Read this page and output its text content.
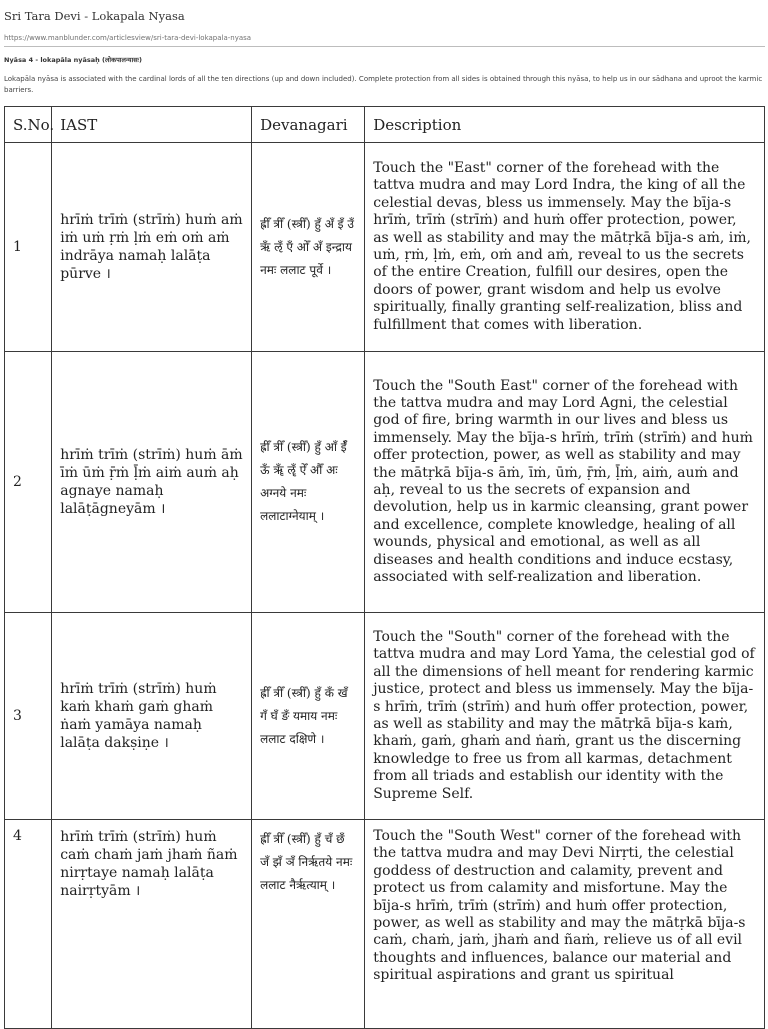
Sri Tara Devi - Lokapala Nyasa
https://www.manblunder.com/articlesview/sri-tara-devi-lokapala-nyasa
Nyāsa 4 - lokapāla nyāsaḥ (लोकपालन्यासः)
Lokapāla nyāsa is associated with the cardinal lords of all the ten directions (up and down included). Complete protection from all sides is obtained through this nyāsa, to help us in our sādhana and uproot the karmic barriers.
S.No.	IAST	Devanagari	Description
1	hrīṁ trīṁ (strīṁ) huṁ aṁ iṁ uṁ ṛṁ ḷṁ eṁ oṁ aṁ indrāya namaḥ lalāṭa pūrve ।	ह्रीँ त्रीँ (स्त्रीँ) हुँ अँ इँ उँ ऋँ ऌँ एँ ओँ अँ इन्द्राय नमः ललाट पूर्वे ।	Touch the "East" corner of the forehead with the tattva mudra and may Lord Indra, the king of all the celestial devas, bless us immensely. May the bīja-s hrīṁ, trīṁ (strīṁ) and huṁ offer protection, power, as well as stability and may the mātṛkā bīja-s aṁ, iṁ, uṁ, ṛṁ, ḷṁ, eṁ, oṁ and aṁ, reveal to us the secrets of the entire Creation, fulfill our desires, open the doors of power, grant wisdom and help us evolve spiritually, finally granting self-realization, bliss and fulfillment that comes with liberation.
2	hrīṁ trīṁ (strīṁ) huṁ āṁ īṁ ūṁ ṝṁ ḹṁ aiṁ auṁ aḥ agnaye namaḥ lalāṭāgneyām ।	ह्रीँ त्रीँ (स्त्रीँ) हुँ आँ ईँ ऊँ ॠँ ॡँ ऐँ औँ अः अग्नये नमः ललाटाग्नेयाम् ।	Touch the "South East" corner of the forehead with the tattva mudra and may Lord Agni, the celestial god of fire, bring warmth in our lives and bless us immensely. May the bīja-s hrīṁ, trīṁ (strīṁ) and huṁ offer protection, power, as well as stability and may the mātṛkā bīja-s āṁ, īṁ, ūṁ, ṝṁ, ḹṁ, aiṁ, auṁ and aḥ, reveal to us the secrets of expansion and devolution, help us in karmic cleansing, grant power and excellence, complete knowledge, healing of all wounds, physical and emotional, as well as all diseases and health conditions and induce ecstasy, associated with self-realization and liberation.
3	hrīṁ trīṁ (strīṁ) huṁ kaṁ khaṁ gaṁ ghaṁ ṅaṁ yamāya namaḥ lalāṭa dakṣiṇe ।	ह्रीँ त्रीँ (स्त्रीँ) हुँ कँ खँ गँ घँ ङँ यमाय नमः ललाट दक्षिणे ।	Touch the "South" corner of the forehead with the tattva mudra and may Lord Yama, the celestial god of all the dimensions of hell meant for rendering karmic justice, protect and bless us immensely. May the bīja-s hrīṁ, trīṁ (strīṁ) and huṁ offer protection, power, as well as stability and may the mātṛkā bīja-s kaṁ, khaṁ, gaṁ, ghaṁ and ṅaṁ, grant us the discerning knowledge to free us from all karmas, detachment from all triads and establish our identity with the Supreme Self.
4	hrīṁ trīṁ (strīṁ) huṁ caṁ chaṁ jaṁ jhaṁ ñaṁ nirṛtaye namaḥ lalāṭa nairṛtyām ।	ह्रीँ त्रीँ (स्त्रीँ) हुँ चँ छँ जँ झँ ञँ निर्ऋतये नमः ललाट नैर्ऋत्याम् ।	Touch the "South West" corner of the forehead with the tattva mudra and may Devi Nirṛti, the celestial goddess of destruction and calamity, prevent and protect us from calamity and misfortune. May the bīja-s hrīṁ, trīṁ (strīṁ) and huṁ offer protection, power, as well as stability and may the mātṛkā bīja-s caṁ, chaṁ, jaṁ, jhaṁ and ñaṁ, relieve us of all evil thoughts and influences, balance our material and spiritual aspirations and grant us spiritual
